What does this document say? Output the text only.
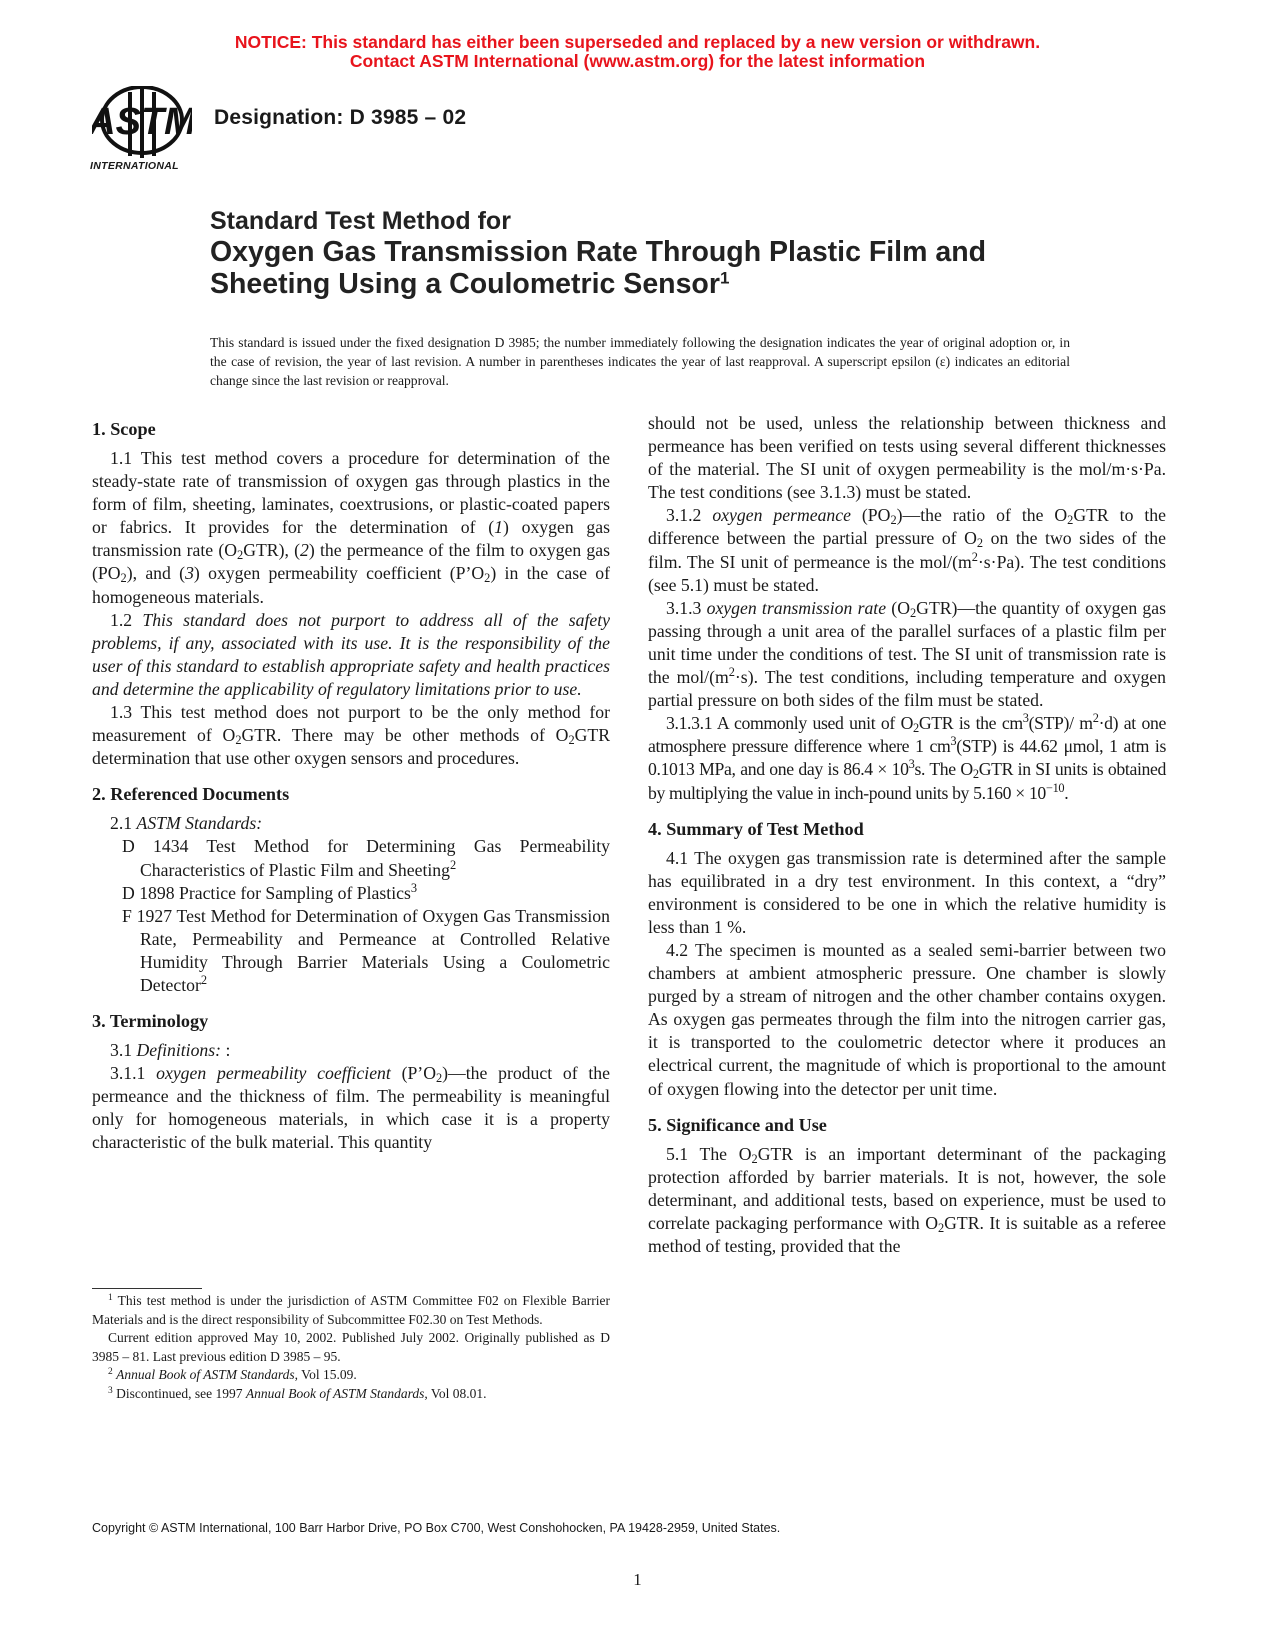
NOTICE: This standard has either been superseded and replaced by a new version or withdrawn.
Contact ASTM International (www.astm.org) for the latest information
ASTM
INTERNATIONAL
Designation: D 3985 – 02
Standard Test Method for
Oxygen Gas Transmission Rate Through Plastic Film and
Sheeting Using a Coulometric Sensor$^1$
This standard is issued under the fixed designation D 3985; the number immediately following the designation indicates the year of original adoption or, in the case of revision, the year of last revision. A number in parentheses indicates the year of last reapproval. A superscript epsilon (ε) indicates an editorial change since the last revision or reapproval.
1. Scope

1.1 This test method covers a procedure for determination of the steady-state rate of transmission of oxygen gas through plastics in the form of film, sheeting, laminates, coextrusions, or plastic-coated papers or fabrics. It provides for the determination of (1) oxygen gas transmission rate $(O_2GTR)$, (2) the permeance of the film to oxygen gas $(PO_2)$, and (3) oxygen permeability coefficient $(P’O_2)$ in the case of homogeneous materials.

1.2 This standard does not purport to address all of the safety problems, if any, associated with its use. It is the responsibility of the user of this standard to establish appropriate safety and health practices and determine the applicability of regulatory limitations prior to use.

1.3 This test method does not purport to be the only method for measurement of $O_2GTR$. There may be other methods of $O_2GTR$ determination that use other oxygen sensors and procedures.

2. Referenced Documents

2.1 ASTM Standards:

D 1434 Test Method for Determining Gas Permeability Characteristics of Plastic Film and Sheeting$^2$

D 1898 Practice for Sampling of Plastics$^3$

F 1927 Test Method for Determination of Oxygen Gas Transmission Rate, Permeability and Permeance at Controlled Relative Humidity Through Barrier Materials Using a Coulometric Detector$^2$

3. Terminology

3.1 Definitions: :

3.1.1 oxygen permeability coefficient $(P’O_2)—the$ product of the permeance and the thickness of film. The permeability is meaningful only for homogeneous materials, in which case it is a property characteristic of the bulk material. This quantity

$^1$ This test method is under the jurisdiction of ASTM Committee F02 on Flexible Barrier Materials and is the direct responsibility of Subcommittee F02.30 on Test Methods.

Current edition approved May 10, 2002. Published July 2002. Originally published as D 3985 – 81. Last previous edition D 3985 – 95.

$^2$ Annual Book of ASTM Standards, Vol 15.09.

$^3$ Discontinued, see 1997 Annual Book of ASTM Standards, Vol 08.01.

should not be used, unless the relationship between thickness and permeance has been verified on tests using several different thicknesses of the material. The SI unit of oxygen permeability is the mol/m·s·Pa. The test conditions (see 3.1.3) must be stated.

3.1.2 oxygen permeance $(PO_2)—the$ ratio of the $O_2GTR$ to the difference between the partial pressure of $O_2$ on the two sides of the film. The SI unit of permeance is the mol/$(m^2\cdot s\cdot Pa)$. The test conditions (see 5.1) must be stated.

3.1.3 oxygen transmission rate $(O_2GTR)—the$ quantity of oxygen gas passing through a unit area of the parallel surfaces of a plastic film per unit time under the conditions of test. The SI unit of transmission rate is the mol/$(m^2\cdot s)$. The test conditions, including temperature and oxygen partial pressure on both sides of the film must be stated.

3.1.3.1 A commonly used unit of $O_2GTR$ is the $cm^3(STP)/$ $m^2\cdot d$) at one atmosphere pressure difference where 1 $cm^3(STP)$ is 44.62 μmol, 1 atm is 0.1013 MPa, and one day is $86.4 \times 10^3s$. The $O_2GTR$ in SI units is obtained by multiplying the value in inch-pound units by $5.160 \times 10^{-10}$.

4. Summary of Test Method

4.1 The oxygen gas transmission rate is determined after the sample has equilibrated in a dry test environment. In this context, a “dry” environment is considered to be one in which the relative humidity is less than 1 %.

4.2 The specimen is mounted as a sealed semi-barrier between two chambers at ambient atmospheric pressure. One chamber is slowly purged by a stream of nitrogen and the other chamber contains oxygen. As oxygen gas permeates through the film into the nitrogen carrier gas, it is transported to the coulometric detector where it produces an electrical current, the magnitude of which is proportional to the amount of oxygen flowing into the detector per unit time.

5. Significance and Use

5.1 The $O_2GTR$ is an important determinant of the packaging protection afforded by barrier materials. It is not, however, the sole determinant, and additional tests, based on experience, must be used to correlate packaging performance with $O_2GTR$. It is suitable as a referee method of testing, provided that the

Copyright © ASTM International, 100 Barr Harbor Drive, PO Box C700, West Conshohocken, PA 19428-2959, United States.
1
